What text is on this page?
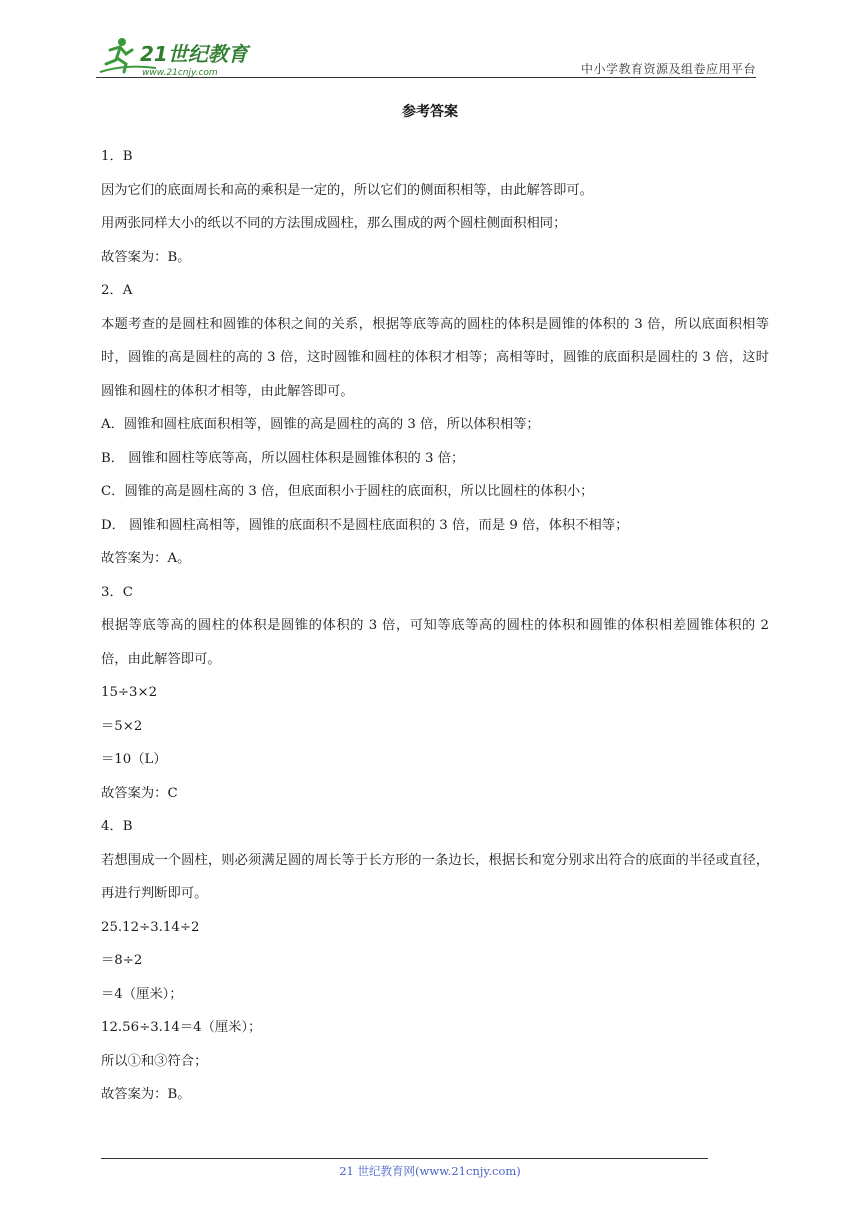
21世纪教育
www.21cnjy.com	中小学教育资源及组卷应用平台
参考答案

1．B

因为它们的底面周长和高的乘积是一定的，所以它们的侧面积相等，由此解答即可。

用两张同样大小的纸以不同的方法围成圆柱，那么围成的两个圆柱侧面积相同；

故答案为：B。

2．A

本题考查的是圆柱和圆锥的体积之间的关系，根据等底等高的圆柱的体积是圆锥的体积的 3 倍，所以底面积相等时，圆锥的高是圆柱的高的 3 倍，这时圆锥和圆柱的体积才相等；高相等时，圆锥的底面积是圆柱的 3 倍，这时圆锥和圆柱的体积才相等，由此解答即可。

A．圆锥和圆柱底面积相等，圆锥的高是圆柱的高的 3 倍，所以体积相等；

B． 圆锥和圆柱等底等高，所以圆柱体积是圆锥体积的 3 倍；

C．圆锥的高是圆柱高的 3 倍，但底面积小于圆柱的底面积，所以比圆柱的体积小；

D． 圆锥和圆柱高相等，圆锥的底面积不是圆柱底面积的 3 倍，而是 9 倍，体积不相等；

故答案为：A。

3．C

根据等底等高的圆柱的体积是圆锥的体积的 3 倍，可知等底等高的圆柱的体积和圆锥的体积相差圆锥体积的 2 倍，由此解答即可。

15÷3×2

＝5×2

＝10（L）

故答案为：C

4．B

若想围成一个圆柱，则必须满足圆的周长等于长方形的一条边长，根据长和宽分别求出符合的底面的半径或直径，再进行判断即可。

25.12÷3.14÷2

＝8÷2

＝4（厘米）；

12.56÷3.14＝4（厘米）；

所以①和③符合；

故答案为：B。

21 世纪教育网(www.21cnjy.com)
